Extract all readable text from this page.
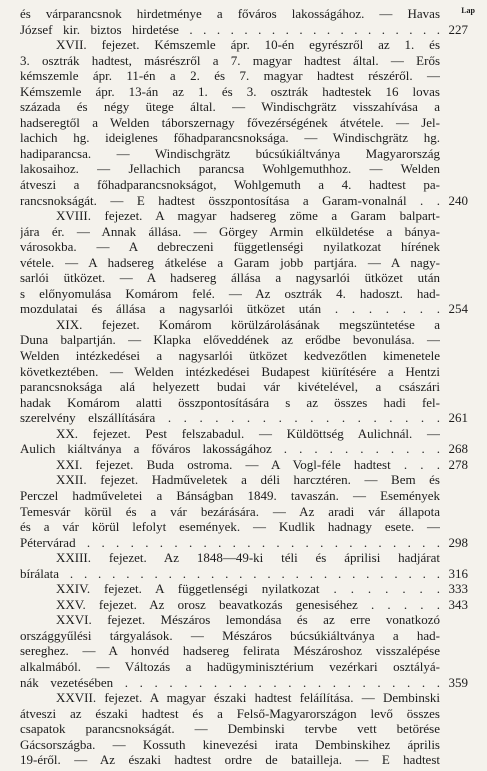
Lap
és várparancsnok hirdetménye a főváros lakosságához. — Havas
József kir. biztos hirdetése . . . . . . . . . . . . . . . . . . .
XVII. fejezet. Kémszemle ápr. 10-én egyrészről az 1. és
3. osztrák hadtest, másrészről a 7. magyar hadtest által. — Erős
kémszemle ápr. 11-én a 2. és 7. magyar hadtest részéről. —
Kémszemle ápr. 13-án az 1. és 3. osztrák hadtestek 16 lovas
százada és négy ütege által. — Windischgrätz visszahívása a
hadseregtől a Welden táborszernagy fővezérségének átvétele. — Jel-
lachich hg. ideiglenes főhadparancsnoksága. — Windischgrätz hg.
hadiparancsa. — Windischgrätz búcsúkiáltványa Magyarország
lakosaihoz. — Jellachich parancsa Wohlgemuthhoz. — Welden
átveszi a főhadparancsnokságot, Wohlgemuth a 4. hadtest pa-
rancsnokságát. — E hadtest összpontosítása a Garam-vonalnál . .
XVIII. fejezet. A magyar hadsereg zöme a Garam balpart-
jára ér. — Annak állása. — Görgey Armin elküldetése a bánya-
városokba. — A debreczeni függetlenségi nyilatkozat hírének
vétele. — A hadsereg átkelése a Garam jobb partjára. — A nagy-
sarlói ütközet. — A hadsereg állása a nagysarlói ütközet után
s előnyomulása Komárom felé. — Az osztrák 4. hadoszt. had-
mozdulatai és állása a nagysarlói ütközet után . . . . . . .
XIX. fejezet. Komárom körülzárolásának megszüntetése a
Duna balpartján. — Klapka előveddének az erődbe bevonulása. —
Welden intézkedései a nagysarlói ütközet kedvezőtlen kimenetele
következtében. — Welden intézkedései Budapest kiürítésére a Hentzi
parancsnoksága alá helyezett budai vár kivételével, a császári
hadak Komárom alatti összpontosítására s az összes hadi fel-
szerelvény elszállítására . . . . . . . . . . . . . . . . . .
XX. fejezet. Pest felszabadul. — Küldöttség Aulichnál. —
Aulich kiáltványa a főváros lakosságához . . . . . . . . . . .
XXI. fejezet. Buda ostroma. — A Vogl-féle hadtest . . .
XXII. fejezet. Hadműveletek a déli harcztéren. — Bem és
Perczel hadműveletei a Bánságban 1849. tavaszán. — Események
Temesvár körül és a vár bezárására. — Az aradi vár állapota
és a vár körül lefolyt események. — Kudlik hadnagy esete. —
Pétervárad . . . . . . . . . . . . . . . . . . . . . . . . .
XXIII. fejezet. Az 1848—49-ki téli és áprilisi hadjárat
bírálata . . . . . . . . . . . . . . . . . . . . . . . . . . .
XXIV. fejezet. A függetlenségi nyilatkozat . . . . . . .
XXV. fejezet. Az orosz beavatkozás genesiséhez . . . . .
XXVI. fejezet. Mészáros lemondása és az erre vonatkozó
országgyűlési tárgyalások. — Mészáros búcsúkiáltványa a had-
sereghez. — A honvéd hadsereg felirata Mészároshoz visszalépése
alkalmából. — Változás a hadügyminisztérium vezérkari osztályá-
nák vezetésében . . . . . . . . . . . . . . . . . . . . . .
XXVII. fejezet. A magyar északi hadtest feláílítása. — Dembinski
átveszi az északi hadtest és a Felső-Magyarországon levő összes
csapatok parancsnokságát. — Dembinski tervbe vett betörése
Gácsországba. — Kossuth kinevezési irata Dembinskihez április
19-éről. — Az északi hadtest ordre de batailleja. — E hadtest
227
240
254
261
268
278
298
316
333
343
359
